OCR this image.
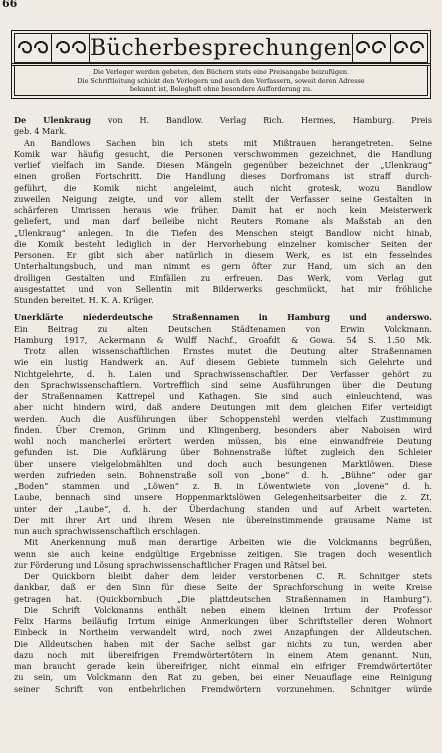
66
Bücherbesprechungen
Die Verleger werden gebeten, den Büchern stets eine Preisangabe beizufügen.
Die Schriftleitung schickt den Verlegern und auch den Verfassern, soweit deren Adresse
bekannt ist, Belegheft ohne besondere Aufforderung zu.
De Ulenkraug von H. Bandlow. Verlag Rich. Hermes, Hamburg. Preis
geb. 4 Mark.
An Bandlows Sachen bin ich stets mit Mißtrauen herangetreten. Seine
Komik war häufig gesucht, die Personen verschwommen gezeichnet, die Handlung
verlief vielfach im Sande. Diesen Mängeln gegenüber bezeichnet der „Ulenkraug“
einen großen Fortschritt. Die Handlung dieses Dorfromans ist straff durch-
geführt, die Komik nicht angeleimt, auch nicht grotesk, wozu Bandlow
zuweilen Neigung zeigte, und vor allem stellt der Verfasser seine Gestalten in
schärferen Umrissen heraus wie früher. Damit hat er noch kein Meisterwerk
geliefert, und man darf beileibe nicht Reuters Romane als Maßstab an den
„Ulenkraug“ anlegen. In die Tiefen des Menschen steigt Bandlow nicht hinab,
die Komik besteht lediglich in der Hervorhebung einzelner komischer Seiten der
Personen. Er gibt sich aber natürlich in diesem Werk, es ist ein fesselndes
Unterhaltungsbuch, und man nimmt es gern öfter zur Hand, um sich an den
drolligen Gestalten und Einfällen zu erfreuen. Das Werk, vom Verlag gut
ausgestattet und von Sellentin mit Bilderwerks geschmückt, hat mir fröhliche
Stunden bereitet. H. K. A. Krüger.
Unerklärte niederdeutsche Straßennamen in Hamburg und anderswo.
Ein Beitrag zu alten Deutschen Städtenamen von Erwin Volckmann.
Hamburg 1917, Ackermann & Wulff Nachf., Groafdt & Gowa. 54 S. 1.50 Mk.
Trotz allen wissenschaftlichen Ernstes mutet die Deutung alter Straßennamen
wie ein lustig Handwerk an. Auf diesem Gebiete tummeln sich Gelehrte und
Nichtgelehrte, d. h. Laien und Sprachwissenschaftler. Der Verfasser gehört zu
den Sprachwissenschaftlern. Vortrefflich sind seine Ausführungen über die Deutung
der Straßennamen Kattrepel und Kathagen. Sie sind auch einleuchtend, was
aber nicht hindern wird, daß andere Deutungen mit dem gleichen Eifer verteidigt
werden. Auch die Ausführungen über Schoppenstehl werden vielfach Zustimmung
finden. Über Cremon, Grimm und Klingenberg, besonders aber Naboisen wird
wohl noch mancherlei erörtert werden müssen, bis eine einwandfreie Deutung
gefunden ist. Die Aufklärung über Bohnenstraße lüftet zugleich den Schleier
über unsere vielgelobmählten und doch auch besungenen Marktlöwen. Diese
werden zufrieden sein. Bohnenstraße soll von „bone“ d. h. „Bühne“ oder gar
„Boden“ stammen und „Löwen“ z. B. in Löwentwiete von „lovene“ d. h.
Laube, bennach sind unsere Hoppenmarktslöwen Gelegenheitsarbeiter die z. Zt.
unter der „Laube“, d. h. der Überdachung standen und auf Arbeit warteten.
Der mit ihrer Art und ihrem Wesen nie übereinstimmende grausame Name ist
nun auch sprachwissenschaftlich erschlagen.
Mit Anerkennung muß man derartige Arbeiten wie die Volckmanns begrüßen,
wenn sie auch keine endgültige Ergebnisse zeitigen. Sie tragen doch wesentlich
zur Förderung und Lösung sprachwissenschaftlicher Fragen und Rätsel bei.
Der Quickborn bleibt daher dem leider verstorbenen C. R. Schnitger stets
dankbar, daß er den Sinn für diese Seite der Sprachforschung in weite Kreise
getragen hat. (Quickbornbuch „Die plattdeutschen Straßennamen in Hamburg“).
Die Schrift Volckmanns enthält neben einem kleinen Irrtum der Professor
Felix Harms beiläufig Irrtum einige Anmerkungen über Schriftsteller deren Wohnort
Einbeck in Northeim verwandelt wird, noch zwei Anzapfungen der Alldeutschen.
Die Alldeutschen haben mit der Sache selbst gar nichts zu tun, werden aber
dazu noch mit übereifrigen Fremdwörtertötern in einem Atem genannt. Nun,
man braucht gerade kein übereifriger, nicht einmal ein eifriger Fremdwörtertöter
zu sein, um Volckmann den Rat zu geben, bei einer Neuauflage eine Reinigung
seiner Schrift von entbehrlichen Fremdwörtern vorzunehmen. Schnitger würde
